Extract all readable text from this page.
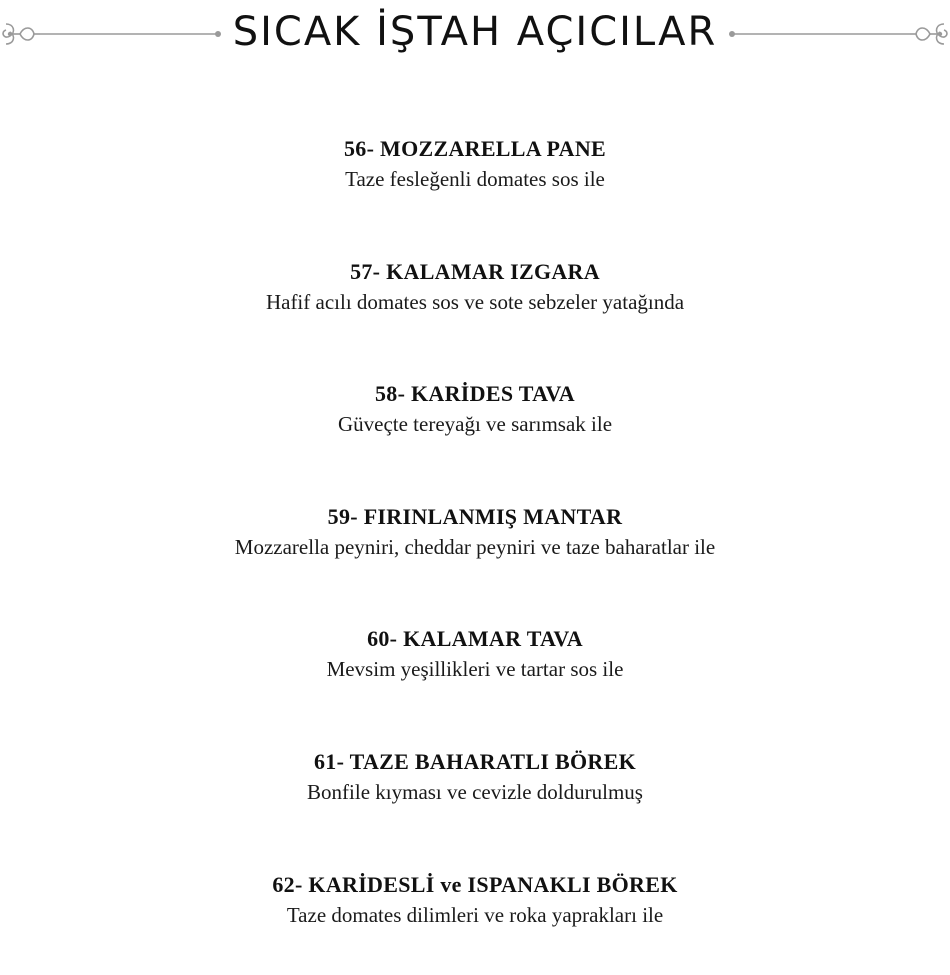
SICAK İŞTAH AÇICILAR
56- MOZZARELLA PANE
Taze fesleğenli domates sos ile
57- KALAMAR IZGARA
Hafif acılı domates sos ve sote sebzeler yatağında
58- KARİDES TAVA
Güveçte tereyağı ve sarımsak ile
59- FIRINLANMIŞ MANTAR
Mozzarella peyniri, cheddar peyniri ve taze baharatlar ile
60- KALAMAR TAVA
Mevsim yeşillikleri ve tartar sos ile
61- TAZE BAHARATLI BÖREK
Bonfile kıyması ve cevizle doldurulmuş
62- KARİDESLİ ve ISPANAKLI BÖREK
Taze domates dilimleri ve roka yaprakları ile
